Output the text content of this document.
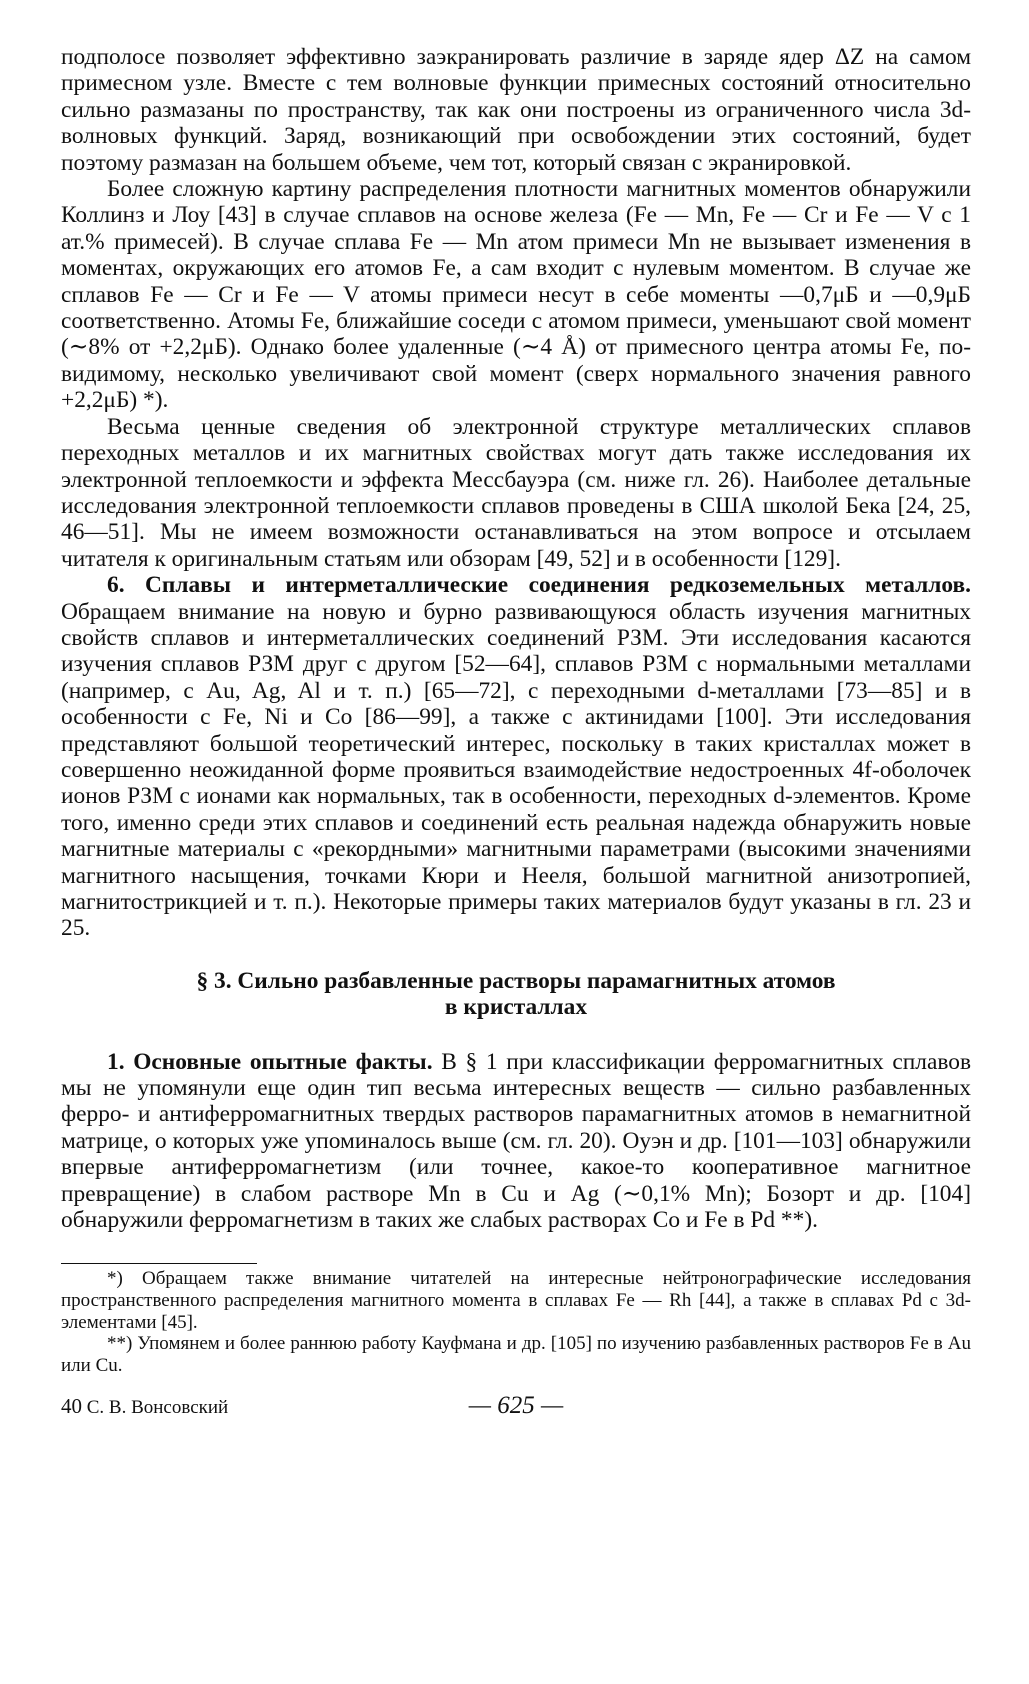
подполосе позволяет эффективно заэкранировать различие в заряде ядер ΔZ на самом примесном узле. Вместе с тем волновые функции примесных состояний относительно сильно размазаны по пространству, так как они построены из ограниченного числа 3d-волновых функций. Заряд, возникающий при освобождении этих состояний, будет поэтому размазан на большем объеме, чем тот, который связан с экранировкой.

Более сложную картину распределения плотности магнитных моментов обнаружили Коллинз и Лоу [43] в случае сплавов на основе железа (Fe — Mn, Fe — Cr и Fe — V с 1 ат.% примесей). В случае сплава Fe — Mn атом примеси Mn не вызывает изменения в моментах, окружающих его атомов Fe, а сам входит с нулевым моментом. В случае же сплавов Fe — Cr и Fe — V атомы примеси несут в себе моменты —0,7μБ и —0,9μБ соответственно. Атомы Fe, ближайшие соседи с атомом примеси, уменьшают свой момент (∼8% от +2,2μБ). Однако более удаленные (∼4 Å) от примесного центра атомы Fe, по-видимому, несколько увеличивают свой момент (сверх нормального значения равного +2,2μБ) *).

Весьма ценные сведения об электронной структуре металлических сплавов переходных металлов и их магнитных свойствах могут дать также исследования их электронной теплоемкости и эффекта Мессбауэра (см. ниже гл. 26). Наиболее детальные исследования электронной теплоемкости сплавов проведены в США школой Бека [24, 25, 46—51]. Мы не имеем возможности останавливаться на этом вопросе и отсылаем читателя к оригинальным статьям или обзорам [49, 52] и в особенности [129].

6. Сплавы и интерметаллические соединения редкоземельных металлов. Обращаем внимание на новую и бурно развивающуюся область изучения магнитных свойств сплавов и интерметаллических соединений РЗМ. Эти исследования касаются изучения сплавов РЗМ друг с другом [52—64], сплавов РЗМ с нормальными металлами (например, с Au, Ag, Al и т. п.) [65—72], с переходными d-металлами [73—85] и в особенности с Fe, Ni и Co [86—99], а также с актинидами [100]. Эти исследования представляют большой теоретический интерес, поскольку в таких кристаллах может в совершенно неожиданной форме проявиться взаимодействие недостроенных 4f-оболочек ионов РЗМ с ионами как нормальных, так в особенности, переходных d-элементов. Кроме того, именно среди этих сплавов и соединений есть реальная надежда обнаружить новые магнитные материалы с «рекордными» магнитными параметрами (высокими значениями магнитного насыщения, точками Кюри и Нееля, большой магнитной анизотропией, магнитострикцией и т. п.). Некоторые примеры таких материалов будут указаны в гл. 23 и 25.

§ 3. Сильно разбавленные растворы парамагнитных атомов
в кристаллах

1. Основные опытные факты. В § 1 при классификации ферромагнитных сплавов мы не упомянули еще один тип весьма интересных веществ — сильно разбавленных ферро- и антиферромагнитных твердых растворов парамагнитных атомов в немагнитной матрице, о которых уже упоминалось выше (см. гл. 20). Оуэн и др. [101—103] обнаружили впервые антиферромагнетизм (или точнее, какое-то кооперативное магнитное превращение) в слабом растворе Mn в Cu и Ag (∼0,1% Mn); Бозорт и др. [104] обнаружили ферромагнетизм в таких же слабых растворах Co и Fe в Pd **).

*) Обращаем также внимание читателей на интересные нейтронографические исследования пространственного распределения магнитного момента в сплавах Fe — Rh [44], а также в сплавах Pd с 3d-элементами [45].

**) Упомянем и более раннюю работу Кауфмана и др. [105] по изучению разбавленных растворов Fe в Au или Cu.

40 С. В. Вонсовский	— 625 —
